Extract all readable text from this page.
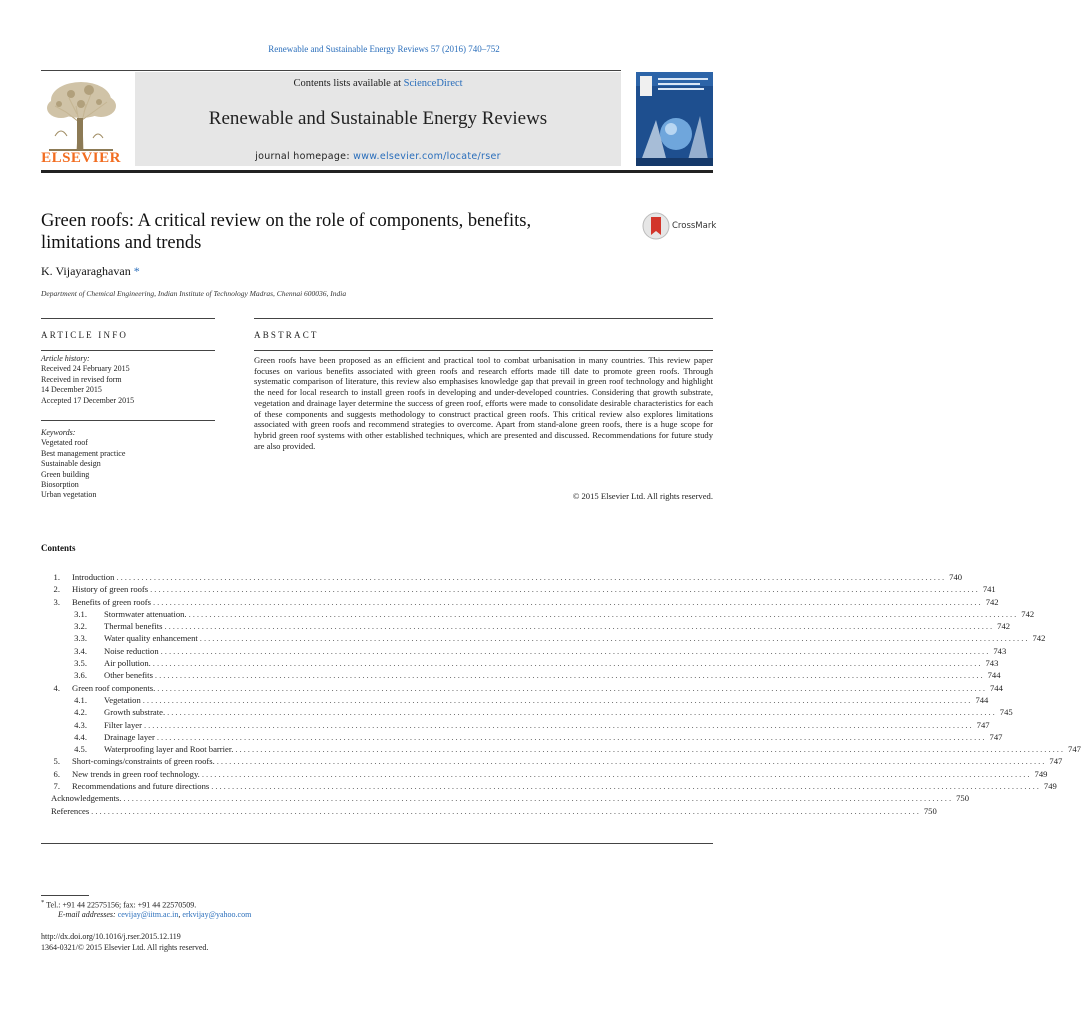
Renewable and Sustainable Energy Reviews 57 (2016) 740–752
ELSEVIER
Contents lists available at ScienceDirect
Renewable and Sustainable Energy Reviews
journal homepage: www.elsevier.com/locate/rser
Green roofs: A critical review on the role of components, benefits, limitations and trends
CrossMark
K. Vijayaraghavan *
Department of Chemical Engineering, Indian Institute of Technology Madras, Chennai 600036, India
ARTICLE INFO	ABSTRACT
Article history:
Received 24 February 2015
Received in revised form
14 December 2015
Accepted 17 December 2015
Keywords:
Vegetated roof
Best management practice
Sustainable design
Green building
Biosorption
Urban vegetation
Green roofs have been proposed as an efficient and practical tool to combat urbanisation in many countries. This review paper focuses on various benefits associated with green roofs and research efforts made till date to promote green roofs. Through systematic comparison of literature, this review also emphasises knowledge gap that prevail in green roof technology and highlight the need for local research to install green roofs in developing and under-developed countries. Considering that growth substrate, vegetation and drainage layer determine the success of green roof, efforts were made to consolidate desirable characteristics for each of these components and suggests methodology to construct practical green roofs. This critical review also explores limitations associated with green roofs and recommend strategies to overcome. Apart from stand-alone green roofs, there is a huge scope for hybrid green roof systems with other established techniques, which are presented and discussed. Recommendations for future study are also provided.
© 2015 Elsevier Ltd. All rights reserved.
Contents
1. Introduction ........................................................................................................................................................................................................ 740
2. History of green roofs ........................................................................................................................................................................................................ 741
3. Benefits of green roofs ........................................................................................................................................................................................................ 742
3.1. Stormwater attenuation. ........................................................................................................................................................................................................ 742
3.2. Thermal benefits ........................................................................................................................................................................................................ 742
3.3. Water quality enhancement ........................................................................................................................................................................................................ 742
3.4. Noise reduction ........................................................................................................................................................................................................ 743
3.5. Air pollution. ........................................................................................................................................................................................................ 743
3.6. Other benefits ........................................................................................................................................................................................................ 744
4. Green roof components. ........................................................................................................................................................................................................ 744
4.1. Vegetation ........................................................................................................................................................................................................ 744
4.2. Growth substrate. ........................................................................................................................................................................................................ 745
4.3. Filter layer ........................................................................................................................................................................................................ 747
4.4. Drainage layer ........................................................................................................................................................................................................ 747
4.5. Waterproofing layer and Root barrier. ........................................................................................................................................................................................................ 747
5. Short-comings/constraints of green roofs. ........................................................................................................................................................................................................ 747
6. New trends in green roof technology. ........................................................................................................................................................................................................ 749
7. Recommendations and future directions ........................................................................................................................................................................................................ 749
Acknowledgements. ........................................................................................................................................................................................................ 750
References ........................................................................................................................................................................................................ 750
* Tel.: +91 44 22575156; fax: +91 44 22570509.
E-mail addresses: cevijay@iitm.ac.in, erkvijay@yahoo.com
http://dx.doi.org/10.1016/j.rser.2015.12.119
1364-0321/© 2015 Elsevier Ltd. All rights reserved.
